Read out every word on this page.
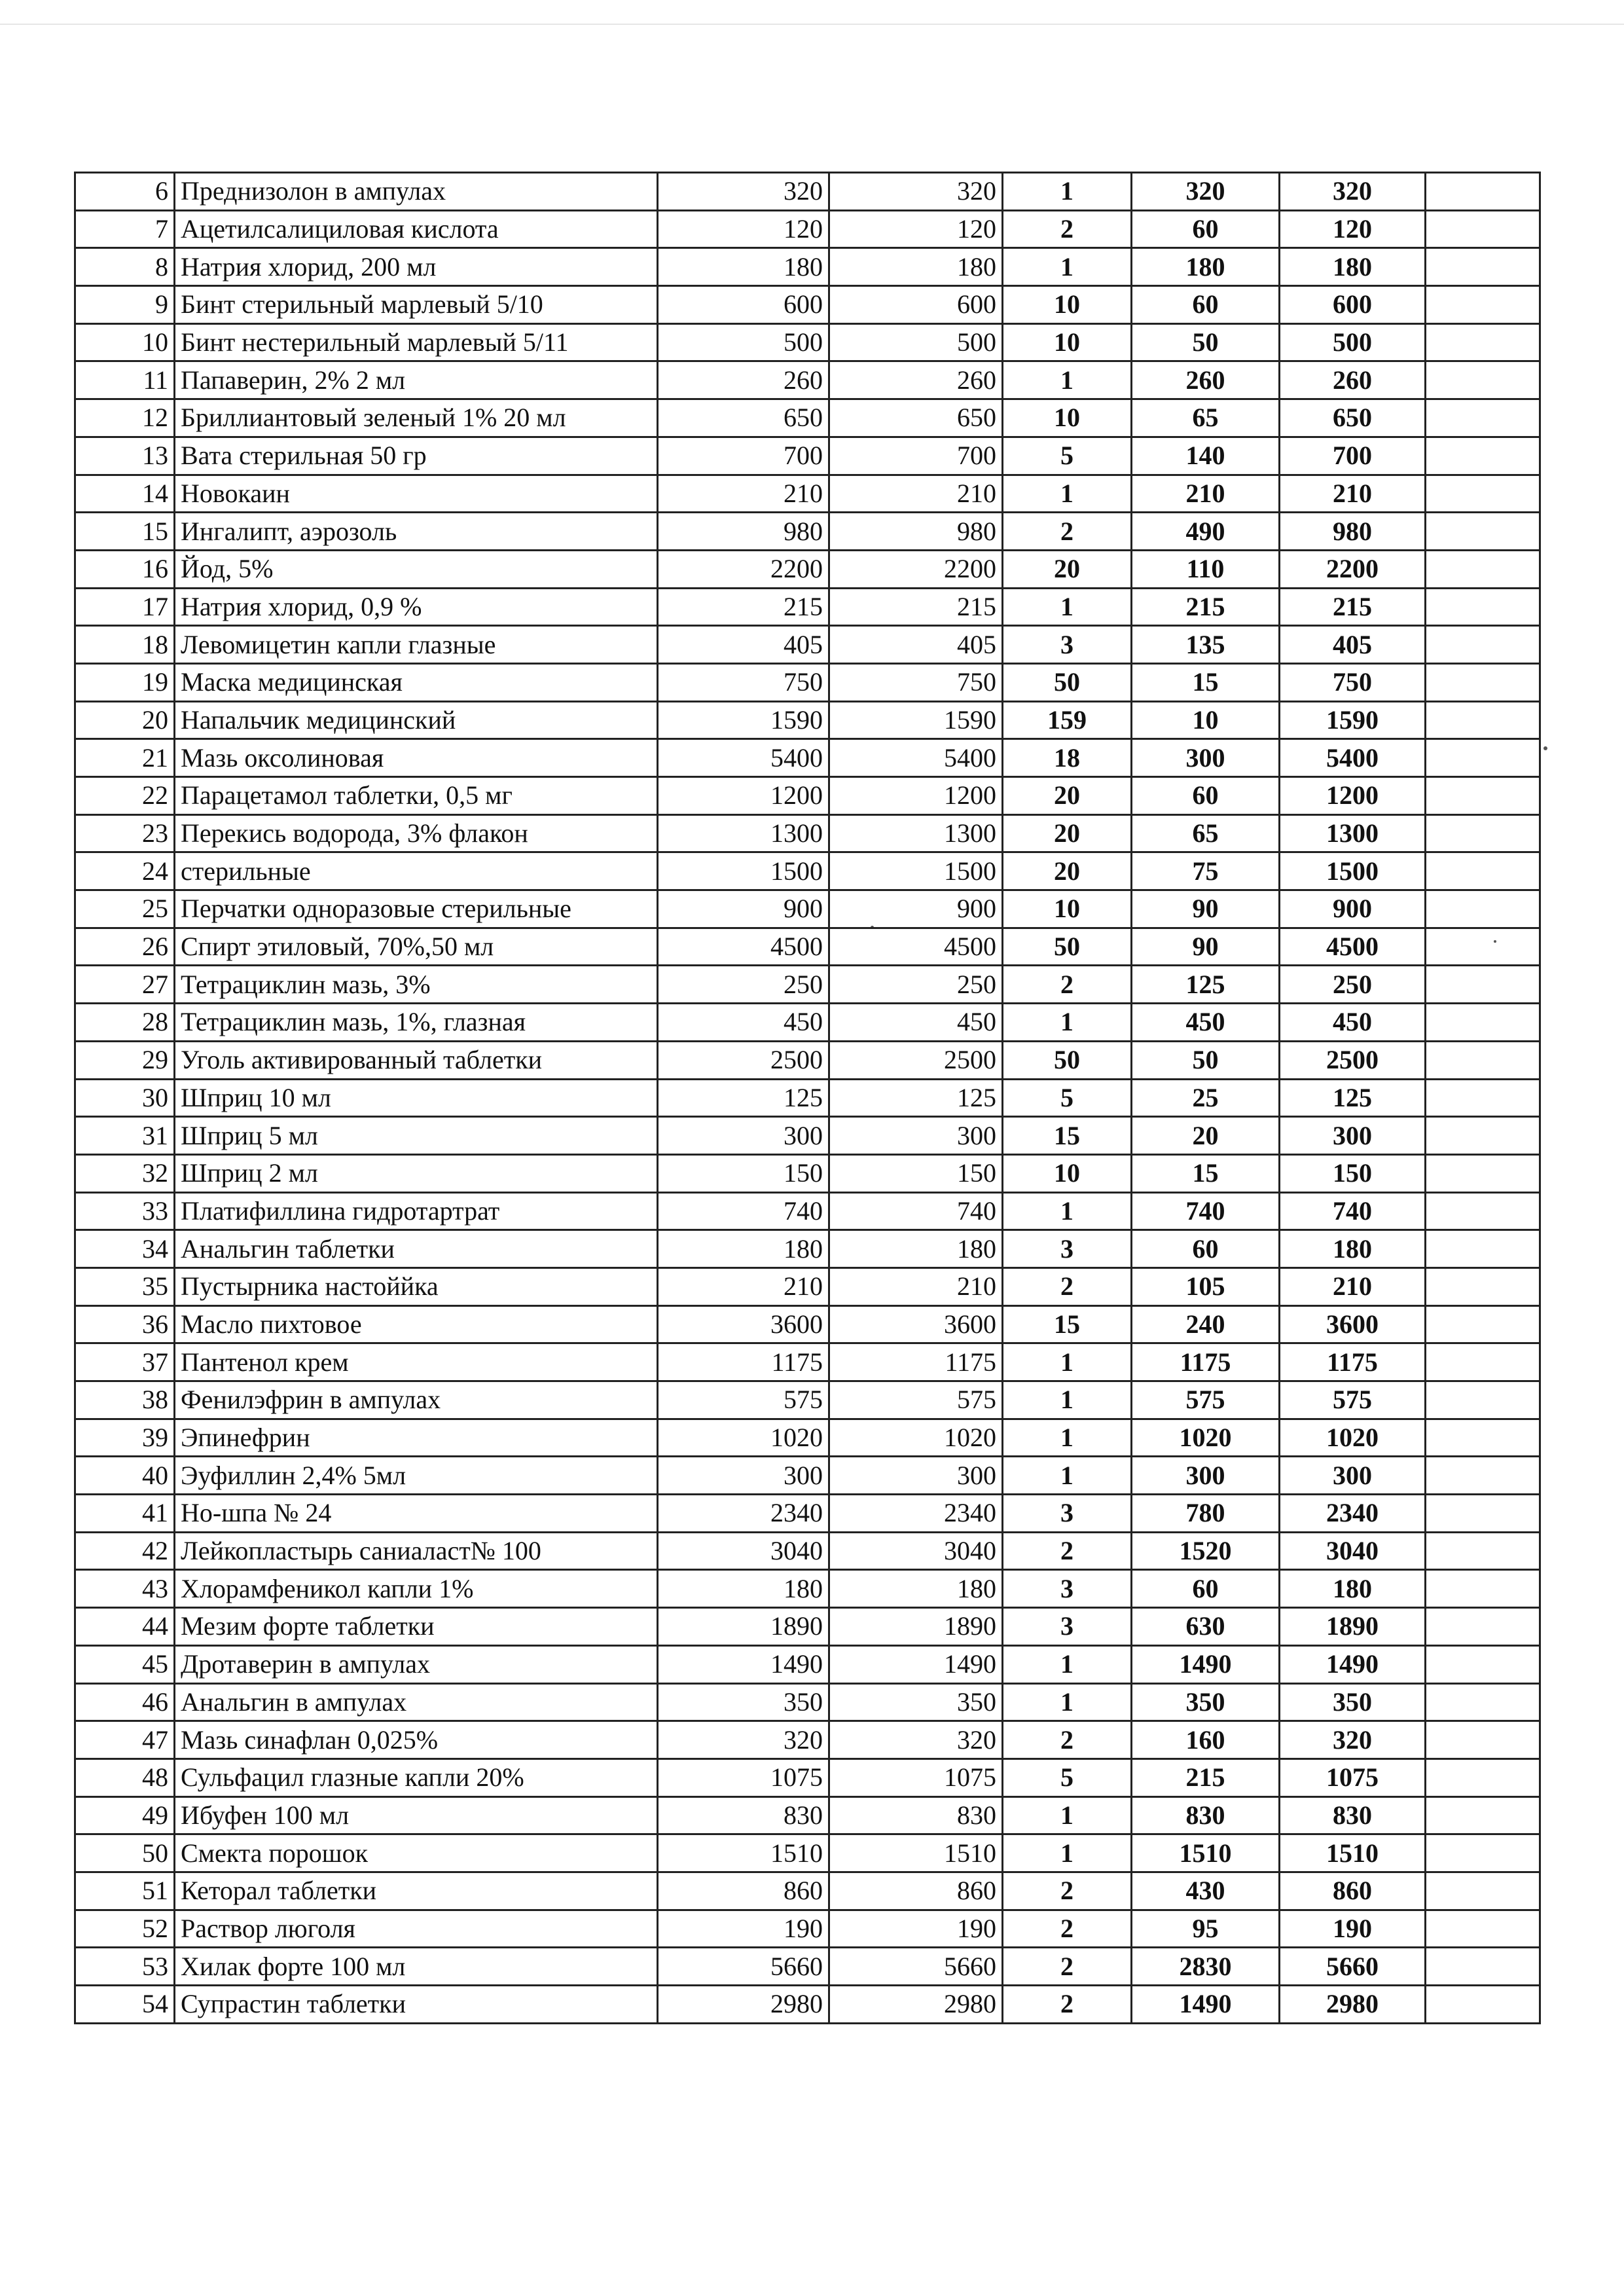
6	Преднизолон в ампулах	320	320	1	320	320	
7	Ацетилсалициловая кислота	120	120	2	60	120	
8	Натрия хлорид, 200 мл	180	180	1	180	180	
9	Бинт стерильный марлевый 5/10	600	600	10	60	600	
10	Бинт нестерильный марлевый 5/11	500	500	10	50	500	
11	Папаверин, 2% 2 мл	260	260	1	260	260	
12	Бриллиантовый зеленый 1% 20 мл	650	650	10	65	650	
13	Вата стерильная 50 гр	700	700	5	140	700	
14	Новокаин	210	210	1	210	210	
15	Ингалипт, аэрозоль	980	980	2	490	980	
16	Йод, 5%	2200	2200	20	110	2200	
17	Натрия хлорид, 0,9 %	215	215	1	215	215	
18	Левомицетин капли глазные	405	405	3	135	405	
19	Маска медицинская	750	750	50	15	750	
20	Напальчик медицинский	1590	1590	159	10	1590	
21	Мазь оксолиновая	5400	5400	18	300	5400	
22	Парацетамол таблетки, 0,5 мг	1200	1200	20	60	1200	
23	Перекись водорода, 3% флакон	1300	1300	20	65	1300	
24	стерильные	1500	1500	20	75	1500	
25	Перчатки одноразовые стерильные	900	900	10	90	900	
26	Спирт этиловый, 70%,50 мл	4500	4500	50	90	4500	
27	Тетрациклин мазь, 3%	250	250	2	125	250	
28	Тетрациклин мазь, 1%, глазная	450	450	1	450	450	
29	Уголь активированный таблетки	2500	2500	50	50	2500	
30	Шприц 10 мл	125	125	5	25	125	
31	Шприц 5 мл	300	300	15	20	300	
32	Шприц 2 мл	150	150	10	15	150	
33	Платифиллина гидротартрат	740	740	1	740	740	
34	Анальгин таблетки	180	180	3	60	180	
35	Пустырника настоййка	210	210	2	105	210	
36	Масло пихтовое	3600	3600	15	240	3600	
37	Пантенол крем	1175	1175	1	1175	1175	
38	Фенилэфрин в ампулах	575	575	1	575	575	
39	Эпинефрин	1020	1020	1	1020	1020	
40	Эуфиллин 2,4% 5мл	300	300	1	300	300	
41	Но-шпа № 24	2340	2340	3	780	2340	
42	Лейкопластырь саниаласт№ 100	3040	3040	2	1520	3040	
43	Хлорамфеникол капли 1%	180	180	3	60	180	
44	Мезим форте таблетки	1890	1890	3	630	1890	
45	Дротаверин в ампулах	1490	1490	1	1490	1490	
46	Анальгин в ампулах	350	350	1	350	350	
47	Мазь синафлан 0,025%	320	320	2	160	320	
48	Сульфацил глазные капли 20%	1075	1075	5	215	1075	
49	Ибуфен 100 мл	830	830	1	830	830	
50	Смекта порошок	1510	1510	1	1510	1510	
51	Кеторал таблетки	860	860	2	430	860	
52	Раствор люголя	190	190	2	95	190	
53	Хилак форте 100 мл	5660	5660	2	2830	5660	
54	Супрастин таблетки	2980	2980	2	1490	2980	
